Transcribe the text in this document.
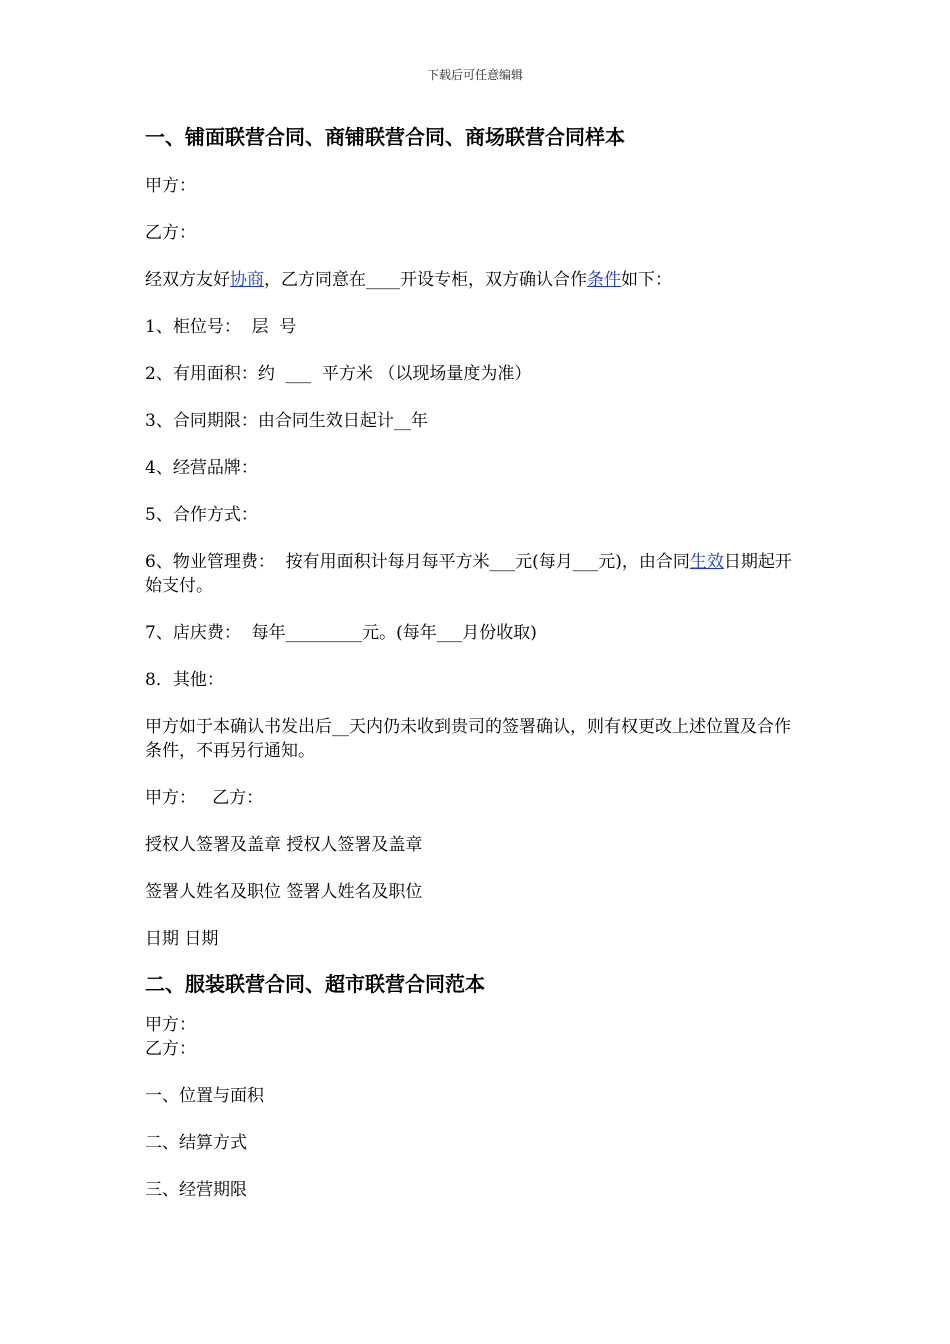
下载后可任意编辑
一、铺面联营合同、商铺联营合同、商场联营合同样本
甲方：
乙方：
经双方友好协商，乙方同意在____开设专柜，双方确认合作条件如下：
1、柜位号：  层  号
2、有用面积：约  ___  平方米 （以现场量度为准）
3、合同期限：由合同生效日起计__年
4、经营品牌：
5、合作方式：
6、物业管理费：  按有用面积计每月每平方米___元(每月___元)，由合同生效日期起开始支付。
7、店庆费：  每年_________元。(每年___月份收取)
8．其他：
甲方如于本确认书发出后__天内仍未收到贵司的签署确认，则有权更改上述位置及合作条件，不再另行通知。
甲方：   乙方：
授权人签署及盖章 授权人签署及盖章
签署人姓名及职位 签署人姓名及职位
日期 日期
二、服装联营合同、超市联营合同范本
甲方：
乙方：
一、位置与面积
二、结算方式
三、经营期限
